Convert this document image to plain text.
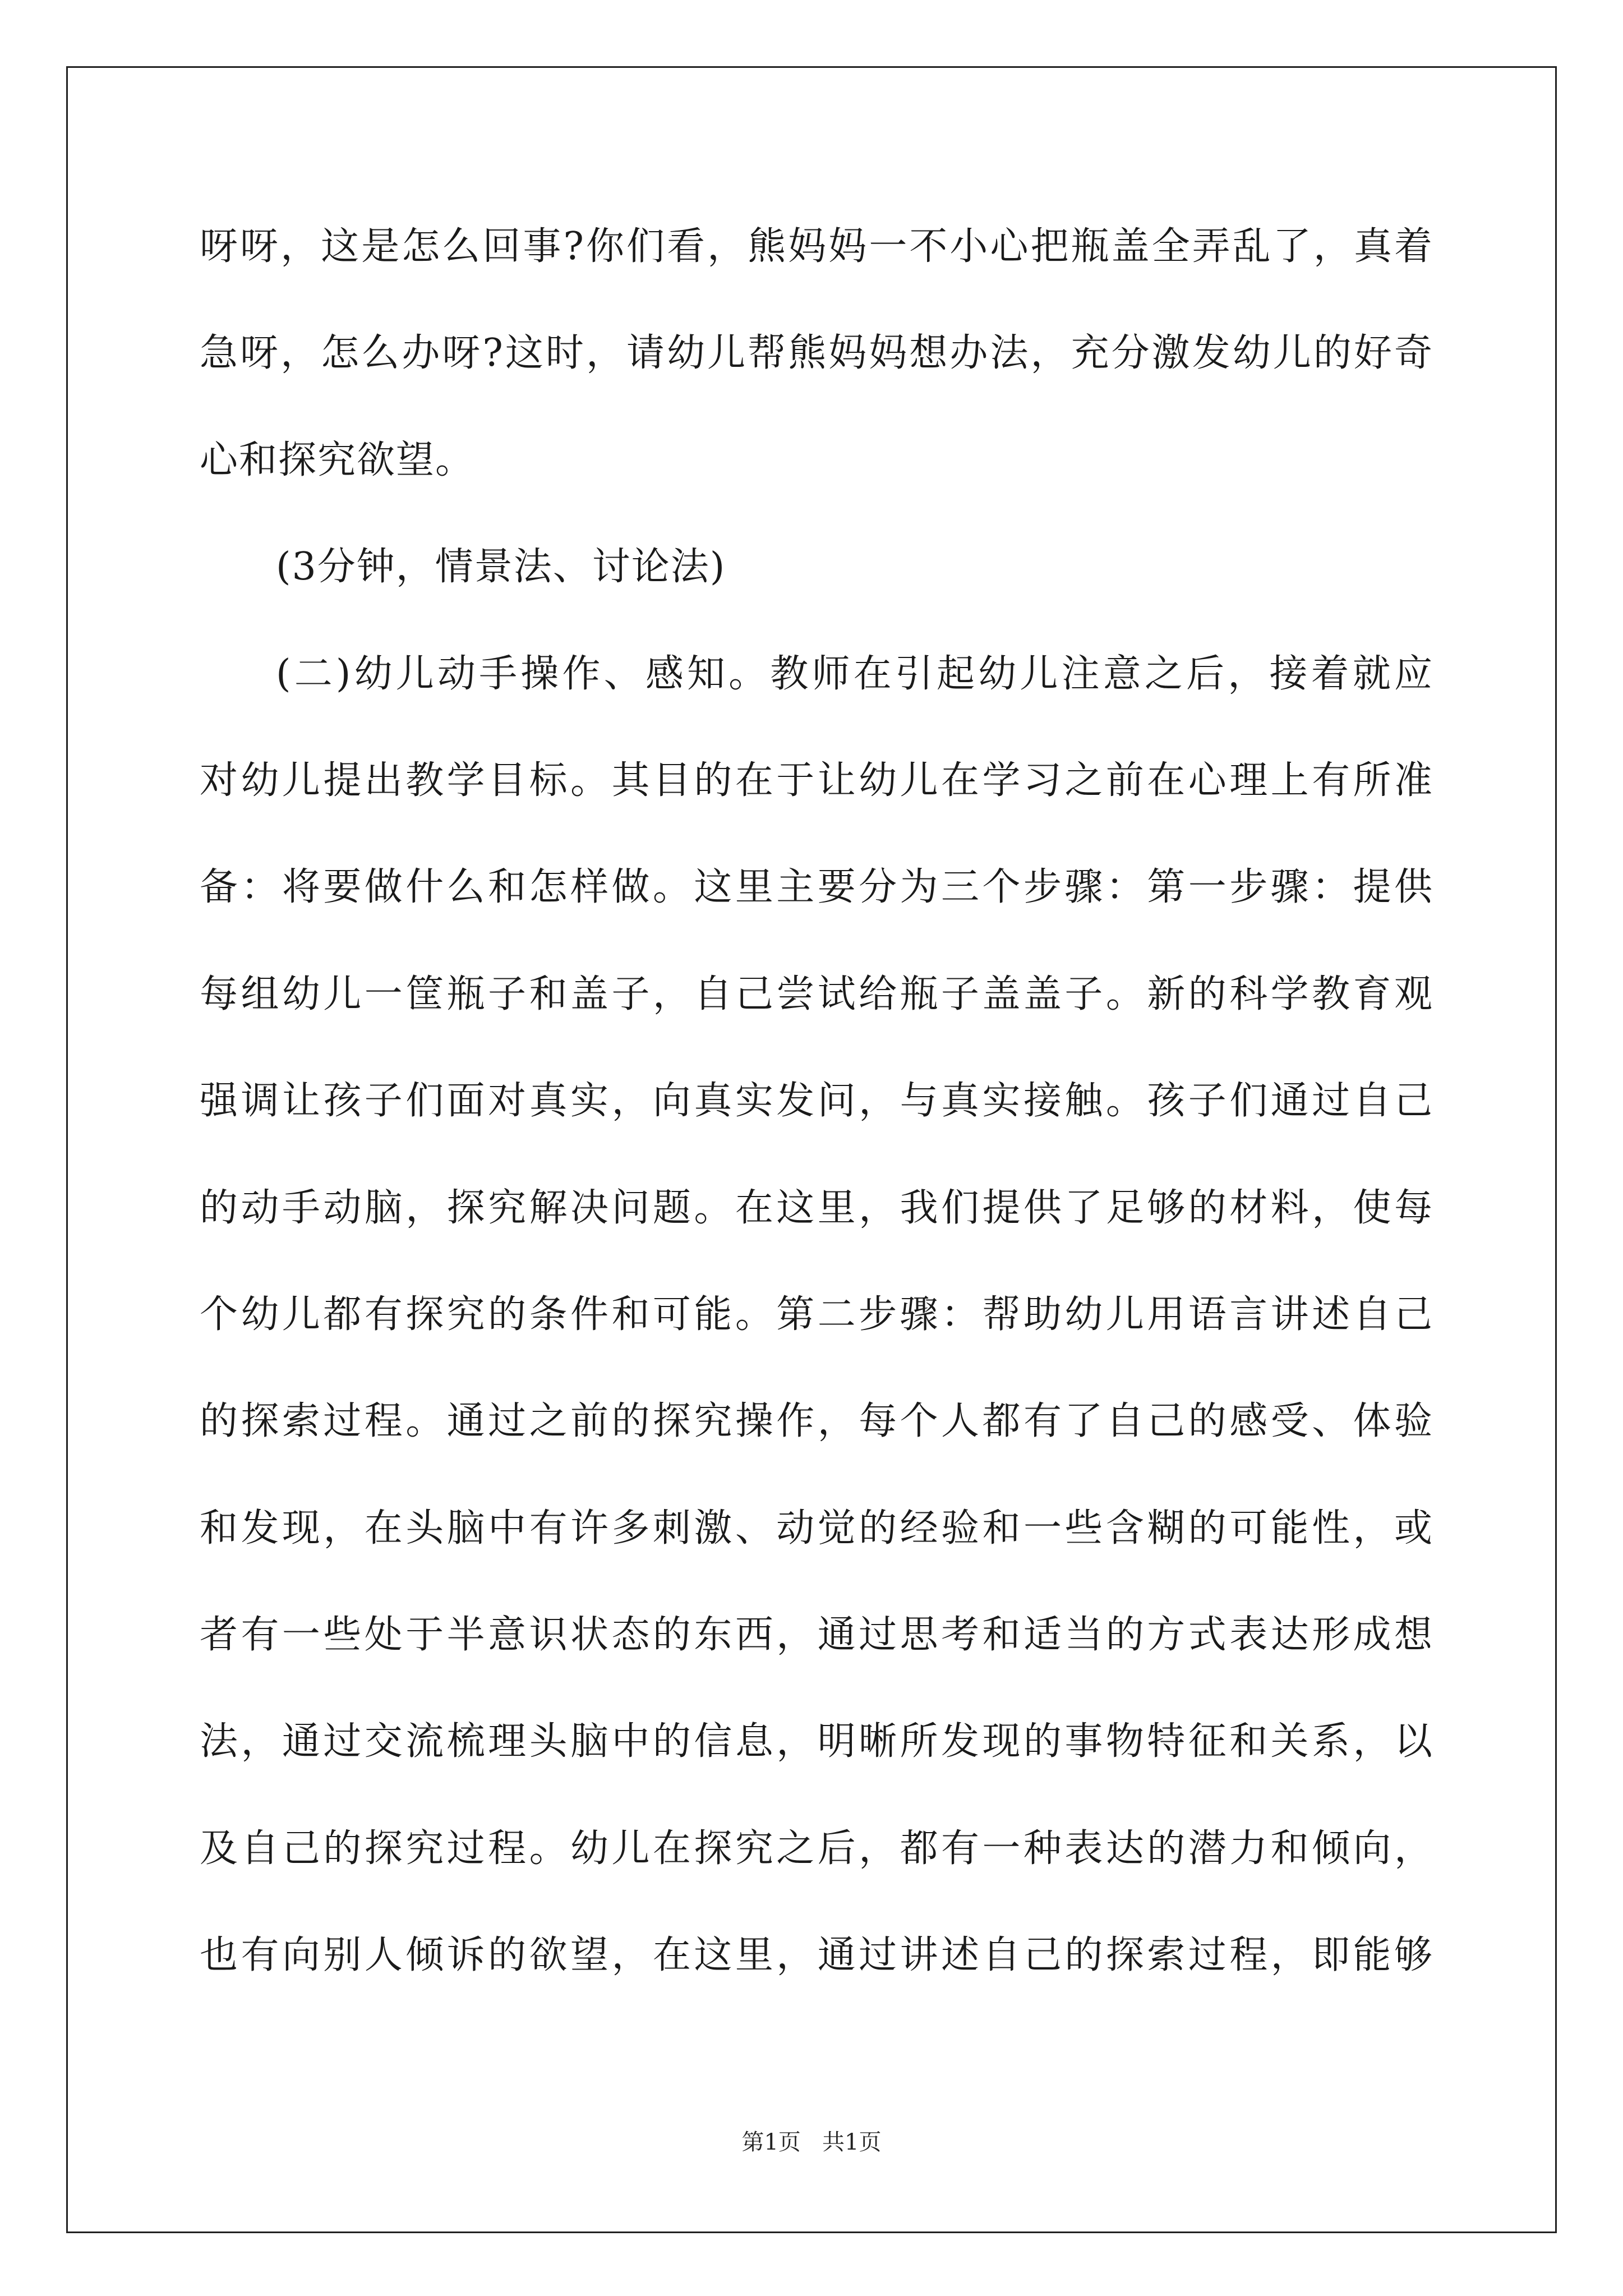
呀呀，这是怎么回事?你们看，熊妈妈一不小心把瓶盖全弄乱了，真着
急呀，怎么办呀?这时，请幼儿帮熊妈妈想办法，充分激发幼儿的好奇
心和探究欲望。
(3分钟，情景法、讨论法)
(二)幼儿动手操作、感知。教师在引起幼儿注意之后，接着就应
对幼儿提出教学目标。其目的在于让幼儿在学习之前在心理上有所准
备：将要做什么和怎样做。这里主要分为三个步骤：第一步骤：提供
每组幼儿一筐瓶子和盖子，自己尝试给瓶子盖盖子。新的科学教育观
强调让孩子们面对真实，向真实发问，与真实接触。孩子们通过自己
的动手动脑，探究解决问题。在这里，我们提供了足够的材料，使每
个幼儿都有探究的条件和可能。第二步骤：帮助幼儿用语言讲述自己
的探索过程。通过之前的探究操作，每个人都有了自己的感受、体验
和发现，在头脑中有许多刺激、动觉的经验和一些含糊的可能性，或
者有一些处于半意识状态的东西，通过思考和适当的方式表达形成想
法，通过交流梳理头脑中的信息，明晰所发现的事物特征和关系，以
及自己的探究过程。幼儿在探究之后，都有一种表达的潜力和倾向，
也有向别人倾诉的欲望，在这里，通过讲述自己的探索过程，即能够
第1页   共1页
